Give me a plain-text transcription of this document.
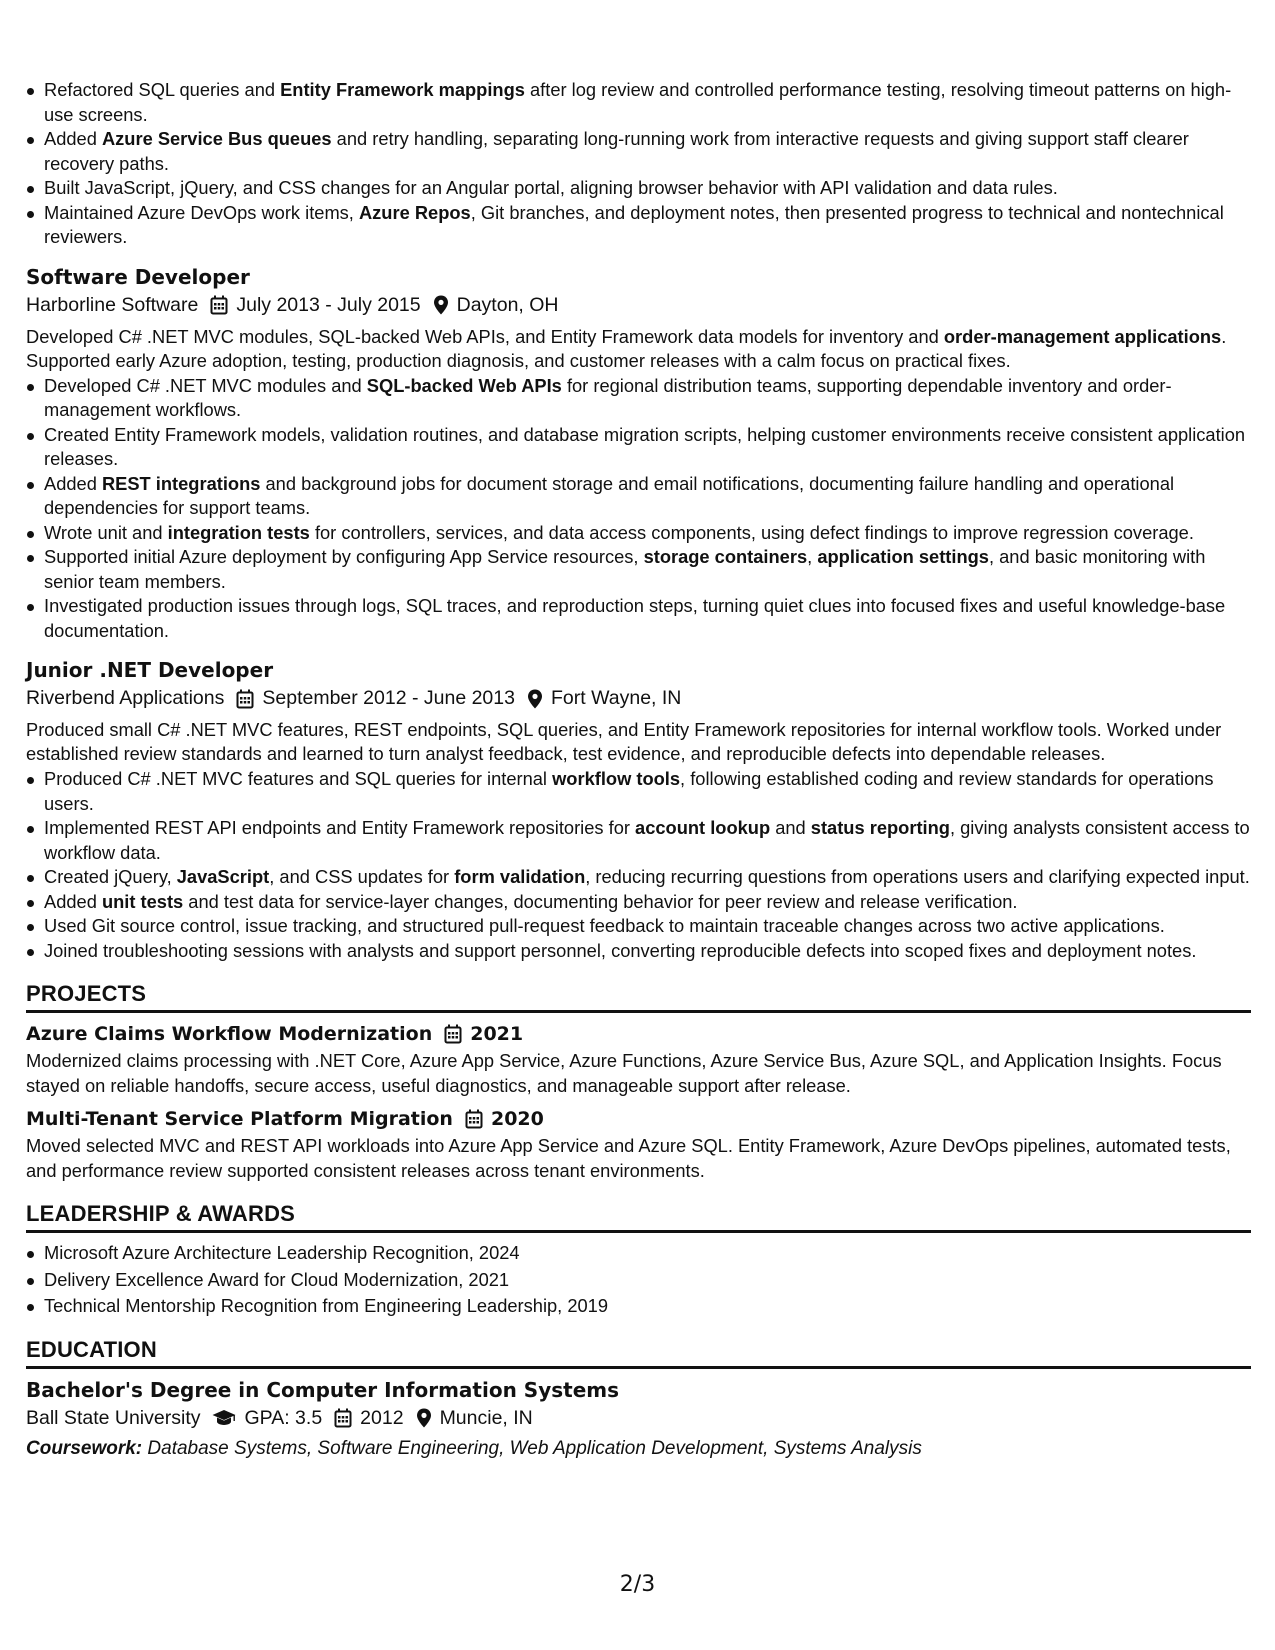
Refactored SQL queries and Entity Framework mappings after log review and controlled performance testing, resolving timeout patterns on high-use screens.
Added Azure Service Bus queues and retry handling, separating long-running work from interactive requests and giving support staff clearer recovery paths.
Built JavaScript, jQuery, and CSS changes for an Angular portal, aligning browser behavior with API validation and data rules.
Maintained Azure DevOps work items, Azure Repos, Git branches, and deployment notes, then presented progress to technical and nontechnical reviewers.
Software Developer
Harborline Software July 2013 - July 2015 Dayton, OH
Developed C# .NET MVC modules, SQL-backed Web APIs, and Entity Framework data models for inventory and order-management applications. Supported early Azure adoption, testing, production diagnosis, and customer releases with a calm focus on practical fixes.
Developed C# .NET MVC modules and SQL-backed Web APIs for regional distribution teams, supporting dependable inventory and order-management workflows.
Created Entity Framework models, validation routines, and database migration scripts, helping customer environments receive consistent application releases.
Added REST integrations and background jobs for document storage and email notifications, documenting failure handling and operational dependencies for support teams.
Wrote unit and integration tests for controllers, services, and data access components, using defect findings to improve regression coverage.
Supported initial Azure deployment by configuring App Service resources, storage containers, application settings, and basic monitoring with senior team members.
Investigated production issues through logs, SQL traces, and reproduction steps, turning quiet clues into focused fixes and useful knowledge-base documentation.
Junior .NET Developer
Riverbend Applications September 2012 - June 2013 Fort Wayne, IN
Produced small C# .NET MVC features, REST endpoints, SQL queries, and Entity Framework repositories for internal workflow tools. Worked under established review standards and learned to turn analyst feedback, test evidence, and reproducible defects into dependable releases.
Produced C# .NET MVC features and SQL queries for internal workflow tools, following established coding and review standards for operations users.
Implemented REST API endpoints and Entity Framework repositories for account lookup and status reporting, giving analysts consistent access to workflow data.
Created jQuery, JavaScript, and CSS updates for form validation, reducing recurring questions from operations users and clarifying expected input.
Added unit tests and test data for service-layer changes, documenting behavior for peer review and release verification.
Used Git source control, issue tracking, and structured pull-request feedback to maintain traceable changes across two active applications.
Joined troubleshooting sessions with analysts and support personnel, converting reproducible defects into scoped fixes and deployment notes.
PROJECTS
Azure Claims Workflow Modernization 2021
Modernized claims processing with .NET Core, Azure App Service, Azure Functions, Azure Service Bus, Azure SQL, and Application Insights. Focus stayed on reliable handoffs, secure access, useful diagnostics, and manageable support after release.
Multi-Tenant Service Platform Migration 2020
Moved selected MVC and REST API workloads into Azure App Service and Azure SQL. Entity Framework, Azure DevOps pipelines, automated tests, and performance review supported consistent releases across tenant environments.
LEADERSHIP & AWARDS
Microsoft Azure Architecture Leadership Recognition, 2024
Delivery Excellence Award for Cloud Modernization, 2021
Technical Mentorship Recognition from Engineering Leadership, 2019
EDUCATION
Bachelor's Degree in Computer Information Systems
Ball State University GPA: 3.5 2012 Muncie, IN
Coursework: Database Systems, Software Engineering, Web Application Development, Systems Analysis
2/3
